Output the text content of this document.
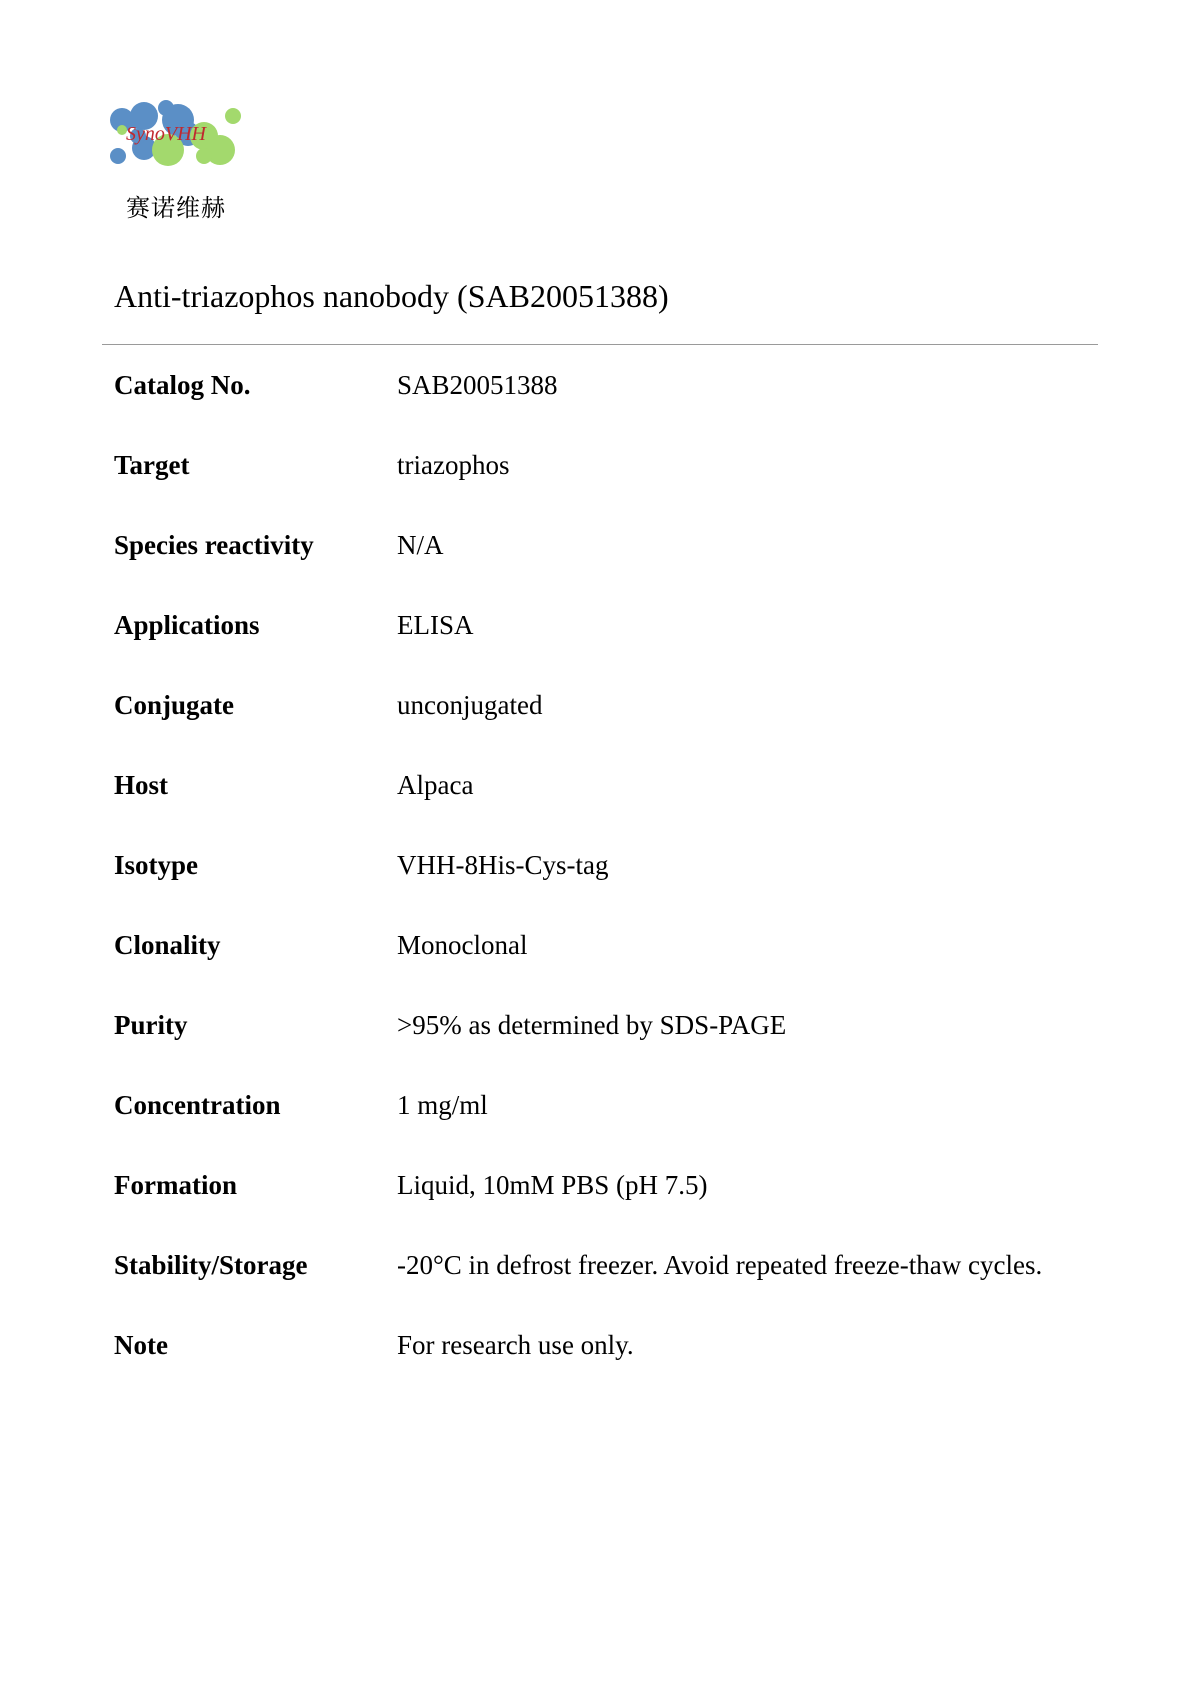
SynoVHH
赛诺维赫
Anti-triazophos nanobody (SAB20051388)
Catalog No.	SAB20051388
Target	triazophos
Species reactivity	N/A
Applications	ELISA
Conjugate	unconjugated
Host	Alpaca
Isotype	VHH-8His-Cys-tag
Clonality	Monoclonal
Purity	>95% as determined by SDS-PAGE
Concentration	1 mg/ml
Formation	Liquid, 10mM PBS (pH 7.5)
Stability/Storage	-20°C in defrost freezer. Avoid repeated freeze-thaw cycles.
Note	For research use only.
